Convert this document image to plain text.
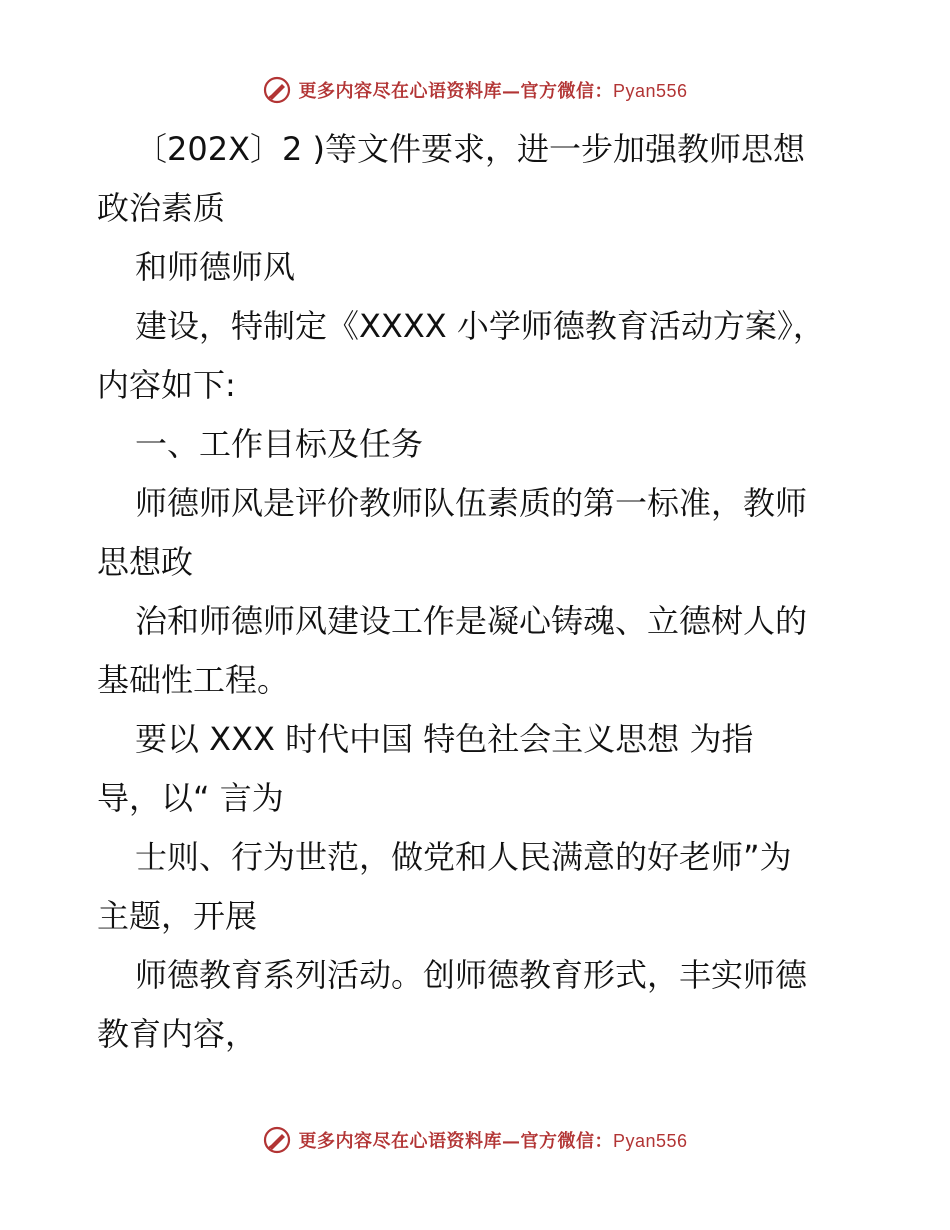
更多内容尽在心语资料库—官方微信：Pyan556
〔202X〕2 )等文件要求，进一步加强教师思想
政治素质
和师德师风
建设，特制定《XXXX 小学师德教育活动方案》，
内容如下:
一、工作目标及任务
师德师风是评价教师队伍素质的第一标准，教师
思想政
治和师德师风建设工作是凝心铸魂、立德树人的
基础性工程。
要以 XXX 时代中国 特色社会主义思想 为指
导，以“ 言为
士则、行为世范，做党和人民满意的好老师”为
主题，开展
师德教育系列活动。创师德教育形式，丰实师德
教育内容，
更多内容尽在心语资料库—官方微信：Pyan556
